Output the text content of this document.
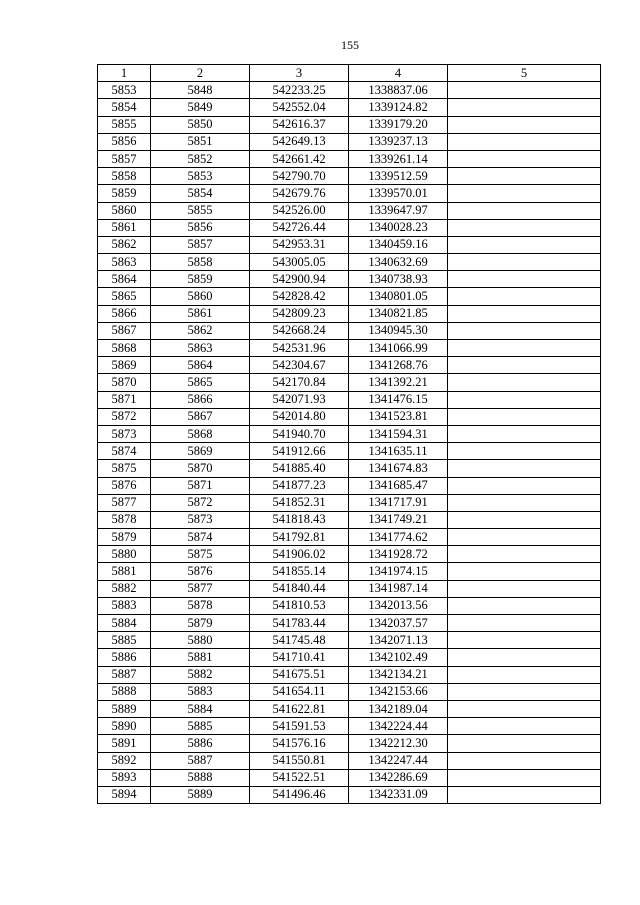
155
1	2	3	4	5
5853	5848	542233.25	1338837.06	
5854	5849	542552.04	1339124.82	
5855	5850	542616.37	1339179.20	
5856	5851	542649.13	1339237.13	
5857	5852	542661.42	1339261.14	
5858	5853	542790.70	1339512.59	
5859	5854	542679.76	1339570.01	
5860	5855	542526.00	1339647.97	
5861	5856	542726.44	1340028.23	
5862	5857	542953.31	1340459.16	
5863	5858	543005.05	1340632.69	
5864	5859	542900.94	1340738.93	
5865	5860	542828.42	1340801.05	
5866	5861	542809.23	1340821.85	
5867	5862	542668.24	1340945.30	
5868	5863	542531.96	1341066.99	
5869	5864	542304.67	1341268.76	
5870	5865	542170.84	1341392.21	
5871	5866	542071.93	1341476.15	
5872	5867	542014.80	1341523.81	
5873	5868	541940.70	1341594.31	
5874	5869	541912.66	1341635.11	
5875	5870	541885.40	1341674.83	
5876	5871	541877.23	1341685.47	
5877	5872	541852.31	1341717.91	
5878	5873	541818.43	1341749.21	
5879	5874	541792.81	1341774.62	
5880	5875	541906.02	1341928.72	
5881	5876	541855.14	1341974.15	
5882	5877	541840.44	1341987.14	
5883	5878	541810.53	1342013.56	
5884	5879	541783.44	1342037.57	
5885	5880	541745.48	1342071.13	
5886	5881	541710.41	1342102.49	
5887	5882	541675.51	1342134.21	
5888	5883	541654.11	1342153.66	
5889	5884	541622.81	1342189.04	
5890	5885	541591.53	1342224.44	
5891	5886	541576.16	1342212.30	
5892	5887	541550.81	1342247.44	
5893	5888	541522.51	1342286.69	
5894	5889	541496.46	1342331.09	
